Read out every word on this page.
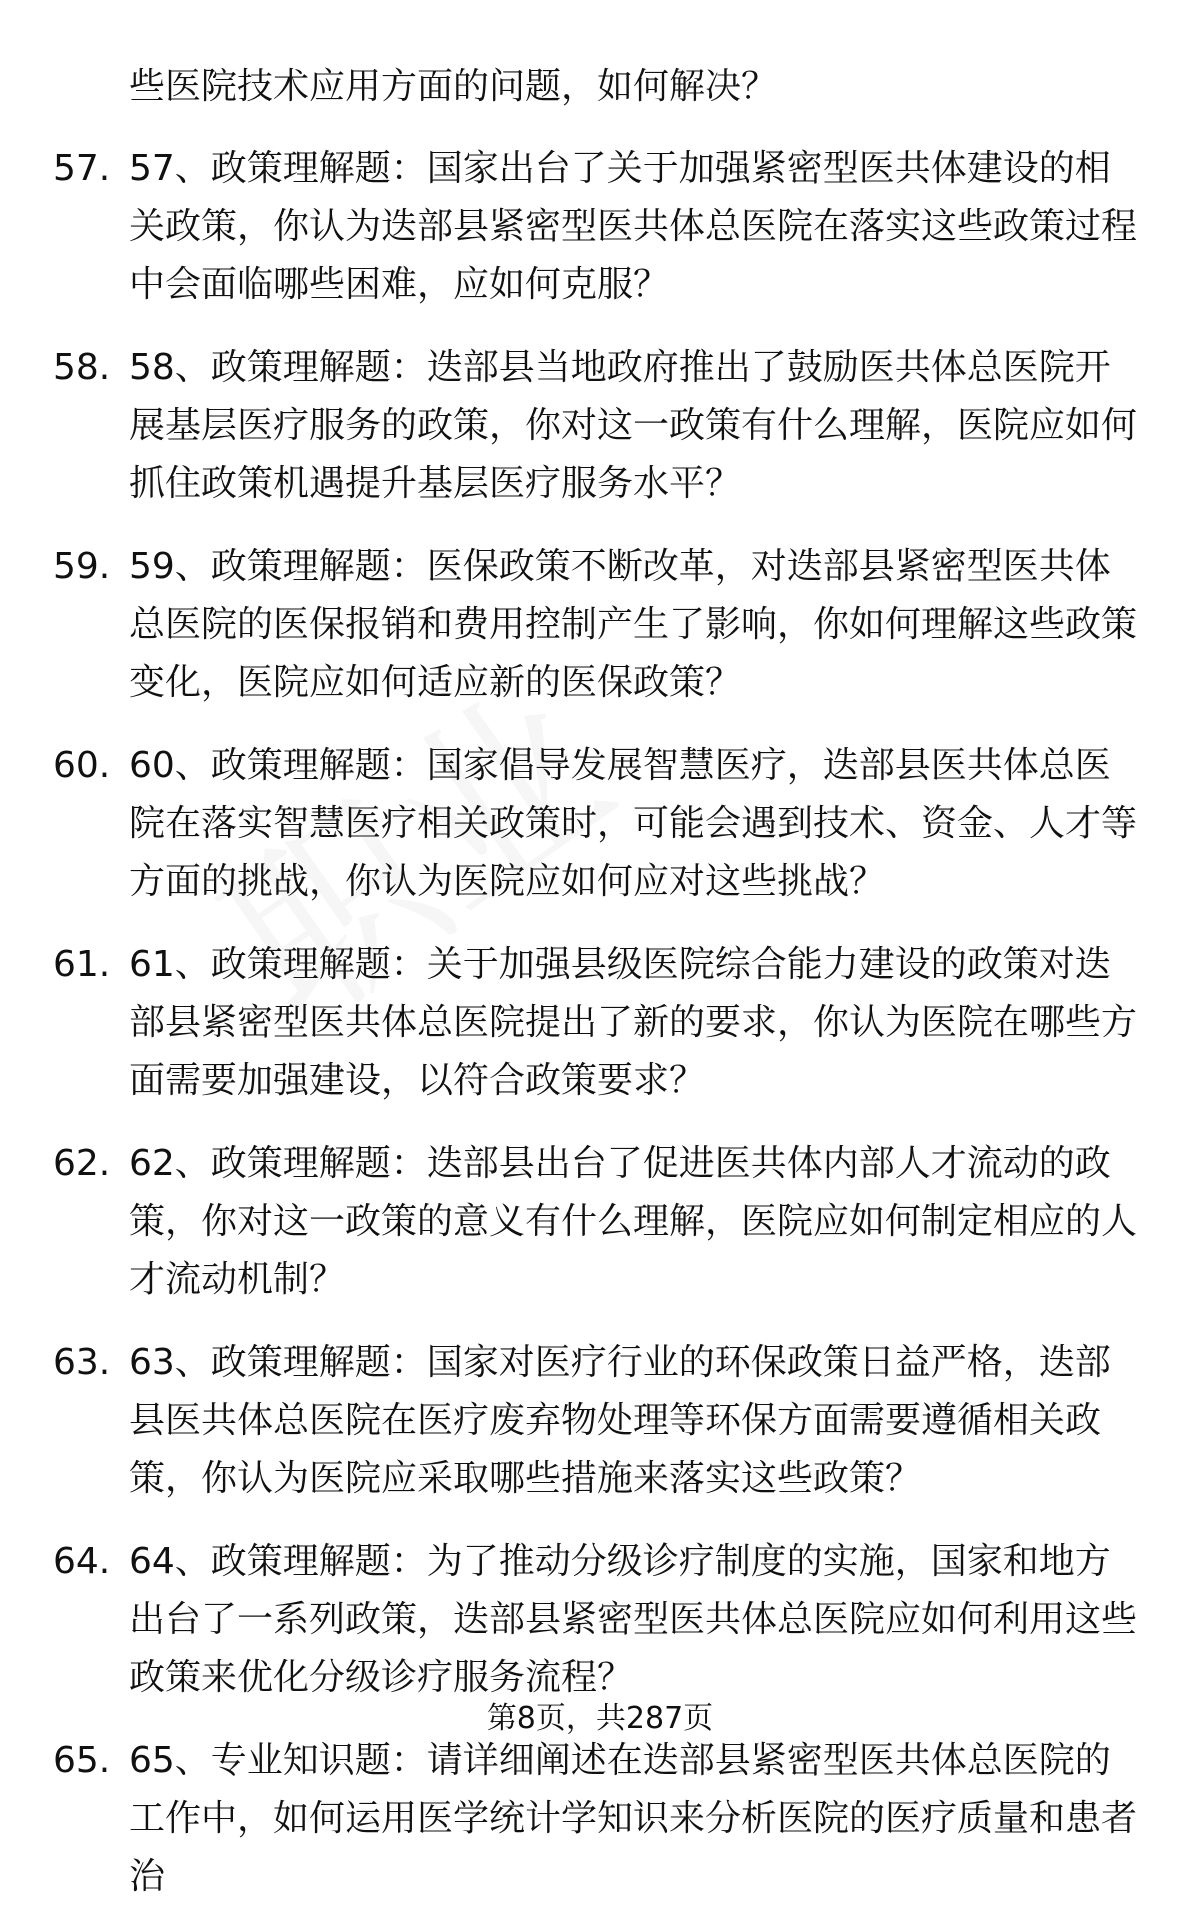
些医院技术应用方面的问题，如何解决？
57. 57、政策理解题：国家出台了关于加强紧密型医共体建设的相关政策，你认为迭部县紧密型医共体总医院在落实这些政策过程中会面临哪些困难，应如何克服？
58. 58、政策理解题：迭部县当地政府推出了鼓励医共体总医院开展基层医疗服务的政策，你对这一政策有什么理解，医院应如何抓住政策机遇提升基层医疗服务水平？
59. 59、政策理解题：医保政策不断改革，对迭部县紧密型医共体总医院的医保报销和费用控制产生了影响，你如何理解这些政策变化，医院应如何适应新的医保政策？
60. 60、政策理解题：国家倡导发展智慧医疗，迭部县医共体总医院在落实智慧医疗相关政策时，可能会遇到技术、资金、人才等方面的挑战，你认为医院应如何应对这些挑战？
61. 61、政策理解题：关于加强县级医院综合能力建设的政策对迭部县紧密型医共体总医院提出了新的要求，你认为医院在哪些方面需要加强建设，以符合政策要求？
62. 62、政策理解题：迭部县出台了促进医共体内部人才流动的政策，你对这一政策的意义有什么理解，医院应如何制定相应的人才流动机制？
63. 63、政策理解题：国家对医疗行业的环保政策日益严格，迭部县医共体总医院在医疗废弃物处理等环保方面需要遵循相关政策，你认为医院应采取哪些措施来落实这些政策？
64. 64、政策理解题：为了推动分级诊疗制度的实施，国家和地方出台了一系列政策，迭部县紧密型医共体总医院应如何利用这些政策来优化分级诊疗服务流程？
65. 65、专业知识题：请详细阐述在迭部县紧密型医共体总医院的工作中，如何运用医学统计学知识来分析医院的医疗质量和患者治
第8页，共287页
